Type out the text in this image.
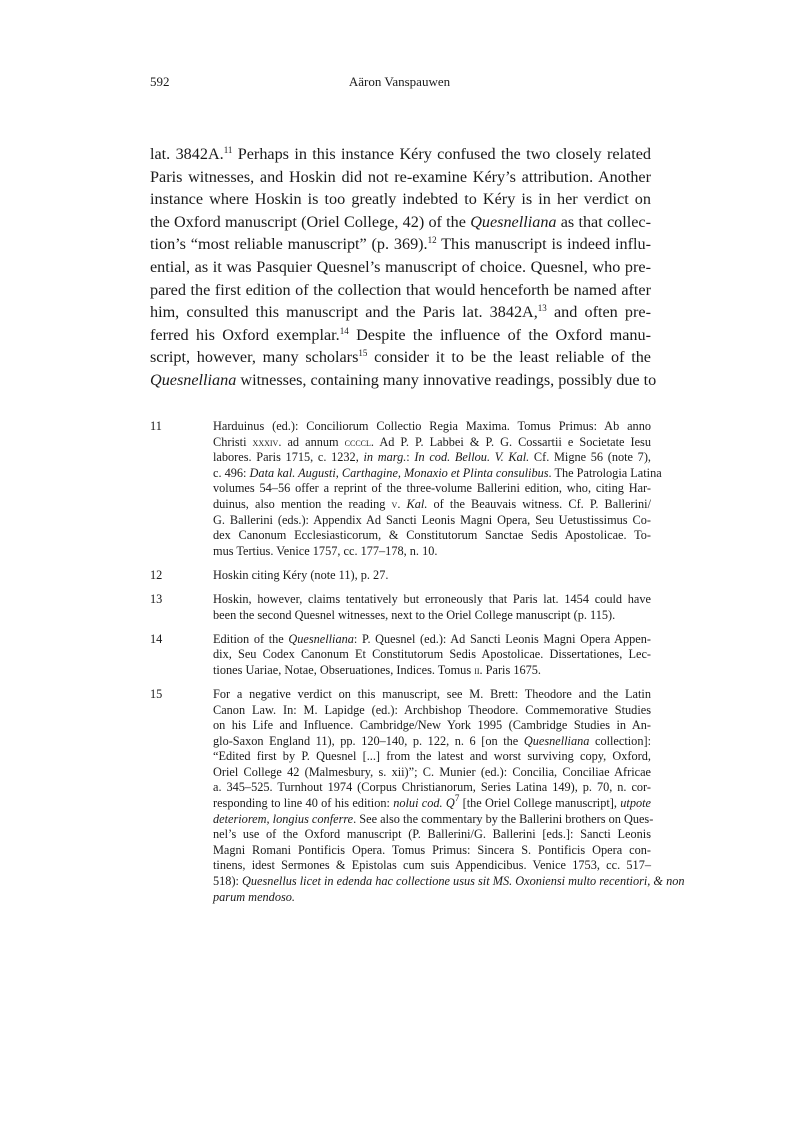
592	Aäron Vanspauwen
lat. 3842A.$^{11}$ Perhaps in this instance Kéry confused the two closely related
Paris witnesses, and Hoskin did not re-examine Kéry’s attribution. Another
instance where Hoskin is too greatly indebted to Kéry is in her verdict on
the Oxford manuscript (Oriel College, 42) of the Quesnelliana as that collec-
tion’s “most reliable manuscript” (p. 369).$^{12}$ This manuscript is indeed influ-
ential, as it was Pasquier Quesnel’s manuscript of choice. Quesnel, who pre-
pared the first edition of the collection that would henceforth be named after
him, consulted this manuscript and the Paris lat. 3842A,$^{13}$ and often pre-
ferred his Oxford exemplar.$^{14}$ Despite the influence of the Oxford manu-
script, however, many scholars$^{15}$ consider it to be the least reliable of the
Quesnelliana witnesses, containing many innovative readings, possibly due to
11	Harduinus (ed.): Conciliorum Collectio Regia Maxima. Tomus Primus: Ab anno
Christi xxxiv. ad annum ccccl. Ad P. P. Labbei & P. G. Cossartii e Societate Iesu
labores. Paris 1715, c. 1232, in marg.: In cod. Bellou. V. Kal. Cf. Migne 56 (note 7),
c. 496: Data kal. Augusti, Carthagine, Monaxio et Plinta consulibus. The Patrologia Latina
volumes 54–56 offer a reprint of the three-volume Ballerini edition, who, citing Har-
duinus, also mention the reading v. Kal. of the Beauvais witness. Cf. P. Ballerini/
G. Ballerini (eds.): Appendix Ad Sancti Leonis Magni Opera, Seu Uetustissimus Co-
dex Canonum Ecclesiasticorum, & Constitutorum Sanctae Sedis Apostolicae. To-
mus Tertius. Venice 1757, cc. 177–178, n. 10.
12	Hoskin citing Kéry (note 11), p. 27.
13	Hoskin, however, claims tentatively but erroneously that Paris lat. 1454 could have
been the second Quesnel witnesses, next to the Oriel College manuscript (p. 115).
14	Edition of the Quesnelliana: P. Quesnel (ed.): Ad Sancti Leonis Magni Opera Appen-
dix, Seu Codex Canonum Et Constitutorum Sedis Apostolicae. Dissertationes, Lec-
tiones Uariae, Notae, Obseruationes, Indices. Tomus ii. Paris 1675.
15	For a negative verdict on this manuscript, see M. Brett: Theodore and the Latin
Canon Law. In: M. Lapidge (ed.): Archbishop Theodore. Commemorative Studies
on his Life and Influence. Cambridge/New York 1995 (Cambridge Studies in An-
glo-Saxon England 11), pp. 120–140, p. 122, n. 6 [on the Quesnelliana collection]:
“Edited first by P. Quesnel [...] from the latest and worst surviving copy, Oxford,
Oriel College 42 (Malmesbury, s. xii)”; C. Munier (ed.): Concilia, Conciliae Africae
a. 345–525. Turnhout 1974 (Corpus Christianorum, Series Latina 149), p. 70, n. cor-
responding to line 40 of his edition: nolui cod. $Q^7$ [the Oriel College manuscript], utpote
deteriorem, longius conferre. See also the commentary by the Ballerini brothers on Ques-
nel’s use of the Oxford manuscript (P. Ballerini/G. Ballerini [eds.]: Sancti Leonis
Magni Romani Pontificis Opera. Tomus Primus: Sincera S. Pontificis Opera con-
tinens, idest Sermones & Epistolas cum suis Appendicibus. Venice 1753, cc. 517–
518): Quesnellus licet in edenda hac collectione usus sit MS. Oxoniensi multo recentiori, & non
parum mendoso.
